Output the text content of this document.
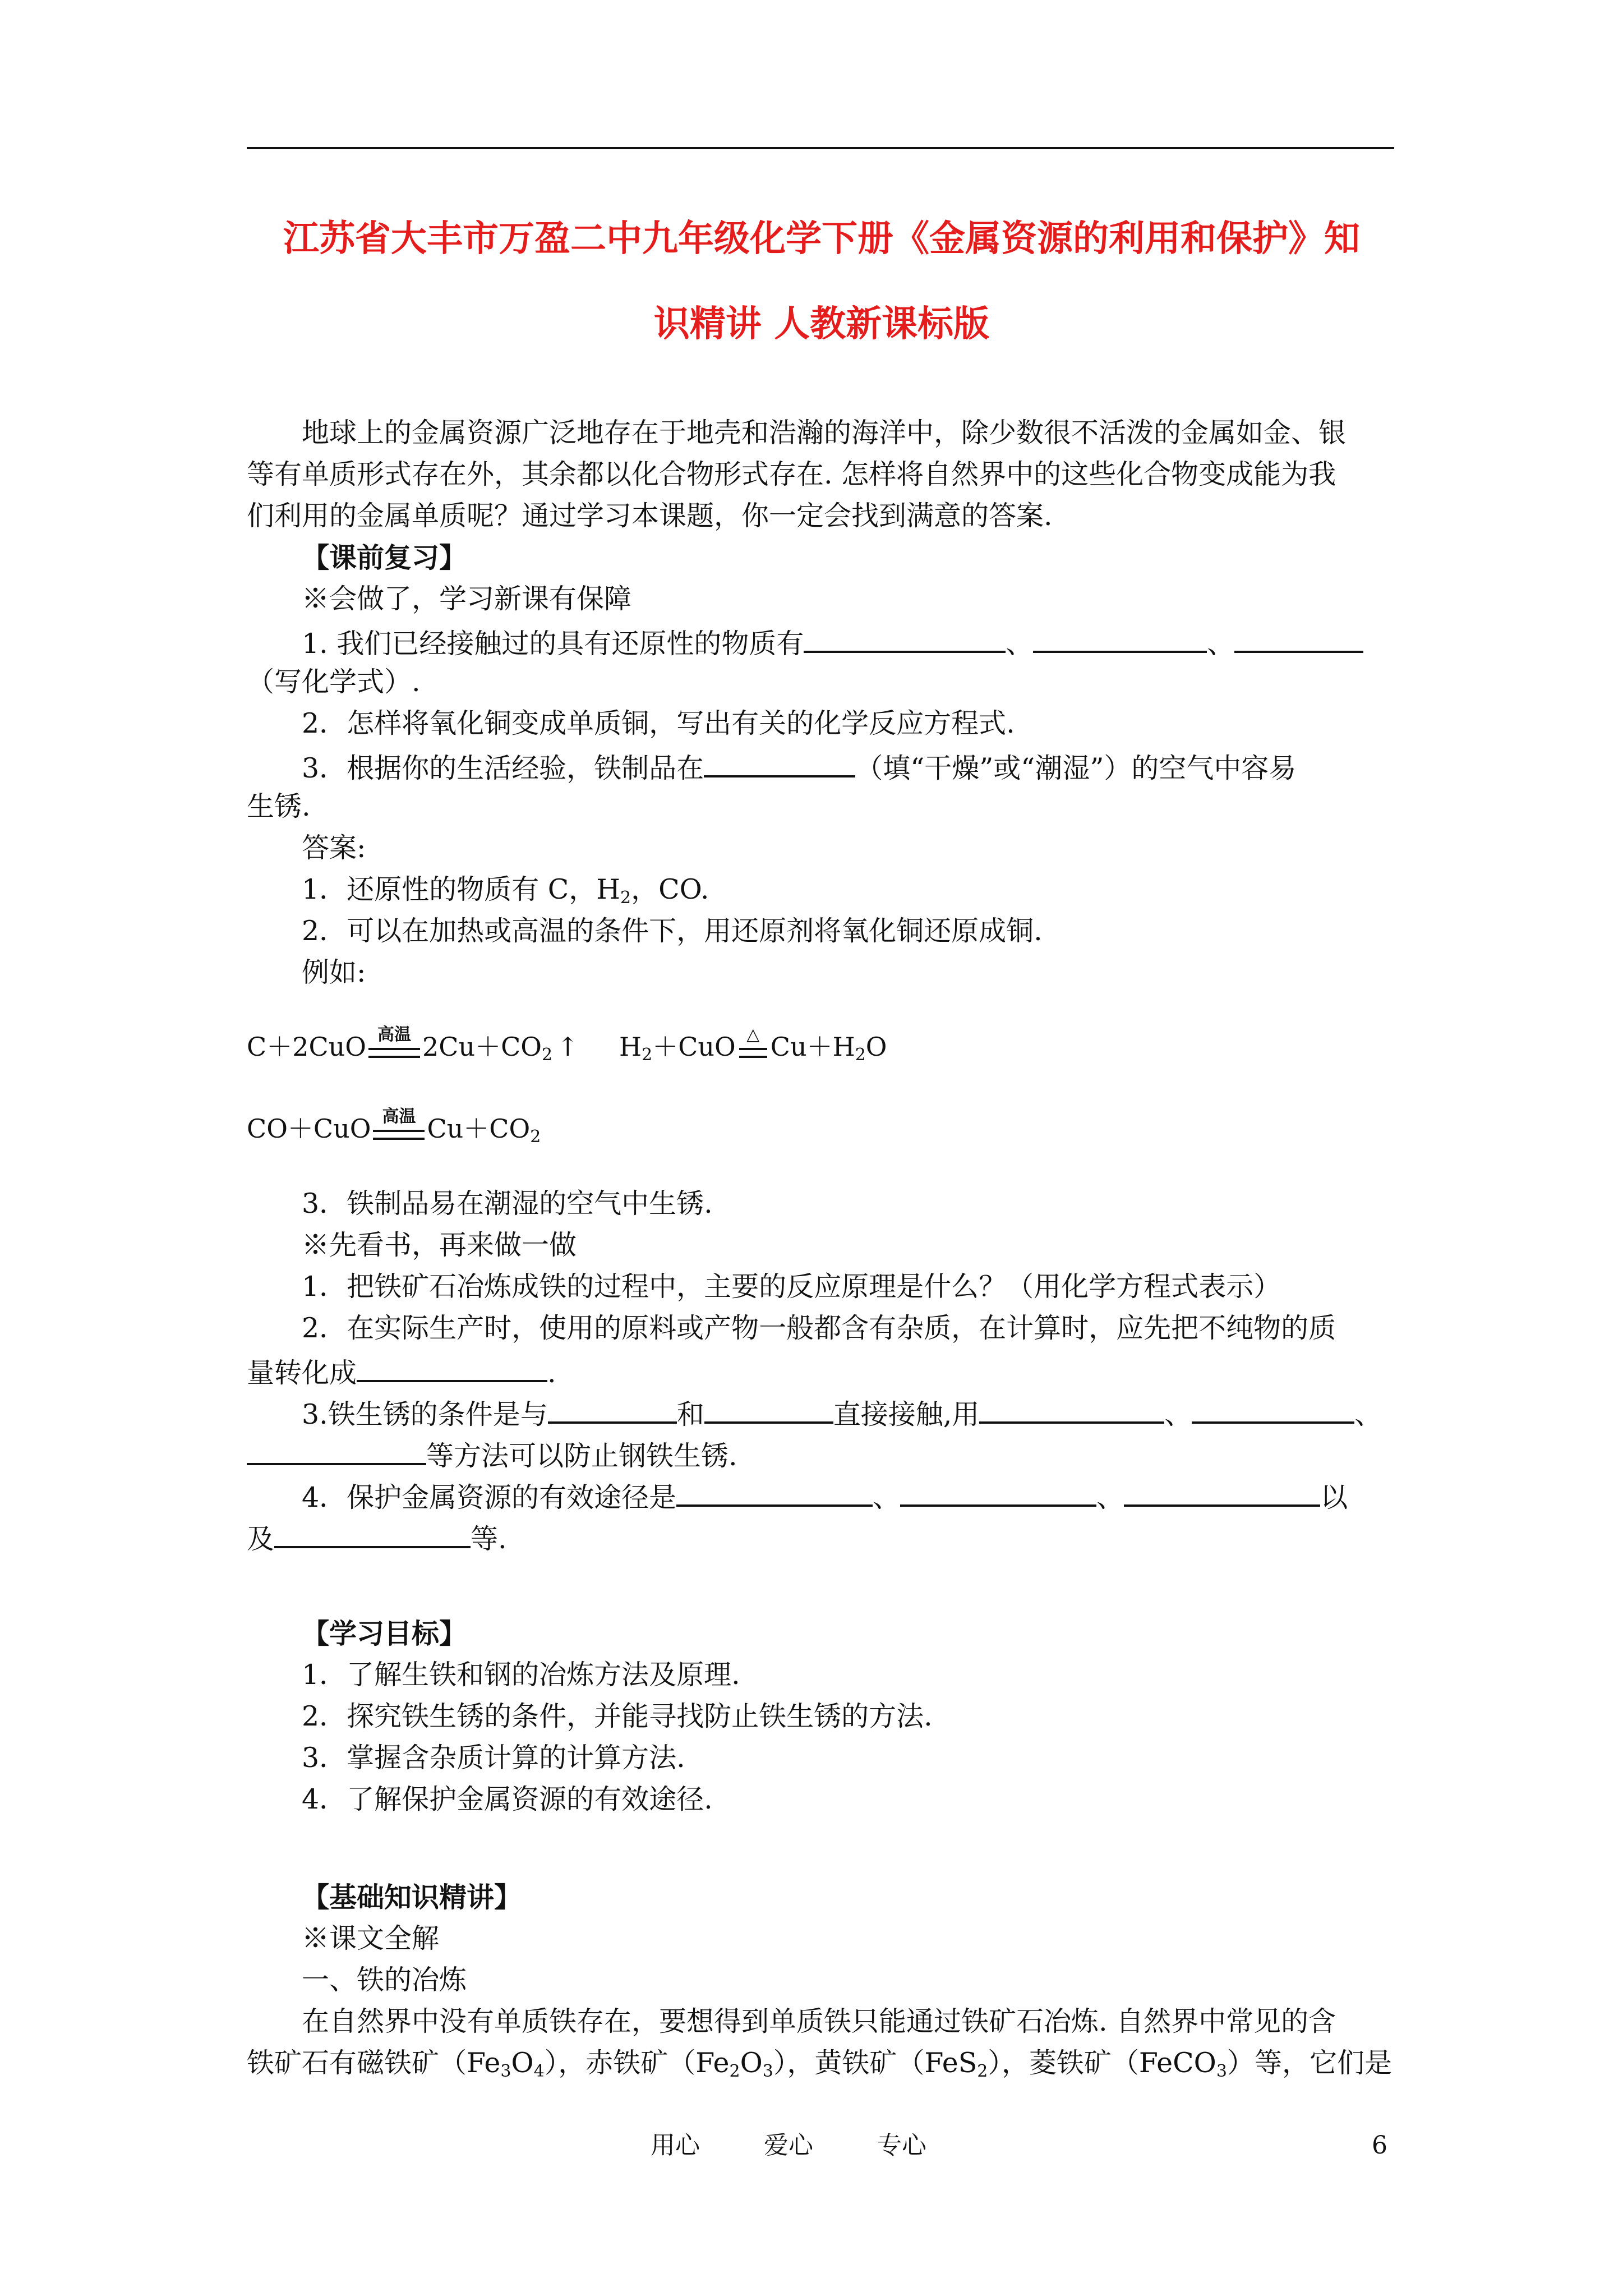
江苏省大丰市万盈二中九年级化学下册《金属资源的利用和保护》知
识精讲 人教新课标版
地球上的金属资源广泛地存在于地壳和浩瀚的海洋中，除少数很不活泼的金属如金、银
等有单质形式存在外，其余都以化合物形式存在. 怎样将自然界中的这些化合物变成能为我
们利用的金属单质呢？通过学习本课题，你一定会找到满意的答案.
【课前复习】
※会做了，学习新课有保障
1. 我们已经接触过的具有还原性的物质有	、	、
（写化学式）.
2．怎样将氧化铜变成单质铜，写出有关的化学反应方程式.
3．根据你的生活经验，铁制品在	（填“干燥”或“潮湿”）的空气中容易
生锈.
答案:
1．还原性的物质有 C，$H_2$，CO.
2．可以在加热或高温的条件下，用还原剂将氧化铜还原成铜.
例如:
C＋2CuO 高温 $2Cu+CO_2$ ↑ $H_2+CuO$ △ $Cu+H_2O$
CO＋CuO 高温 $Cu+CO_2$
3．铁制品易在潮湿的空气中生锈.
※先看书，再来做一做
1．把铁矿石冶炼成铁的过程中，主要的反应原理是什么？（用化学方程式表示）
2．在实际生产时，使用的原料或产物一般都含有杂质，在计算时，应先把不纯物的质
量转化成	.
3.铁生锈的条件是与	和	直接接触,用	、	、
等方法可以防止钢铁生锈.
4．保护金属资源的有效途径是	、	、	以
及	等.
【学习目标】
1．了解生铁和钢的冶炼方法及原理.
2．探究铁生锈的条件，并能寻找防止铁生锈的方法.
3．掌握含杂质计算的计算方法.
4．了解保护金属资源的有效途径.
【基础知识精讲】
※课文全解
一、铁的冶炼
在自然界中没有单质铁存在，要想得到单质铁只能通过铁矿石冶炼. 自然界中常见的含
铁矿石有磁铁矿$(Fe_3O_4)$，赤铁矿$(Fe_2O_3)$，黄铁矿（FeS$_2$），菱铁矿（FeCO$_3$）等，它们是
用心	爱心	专心	6
